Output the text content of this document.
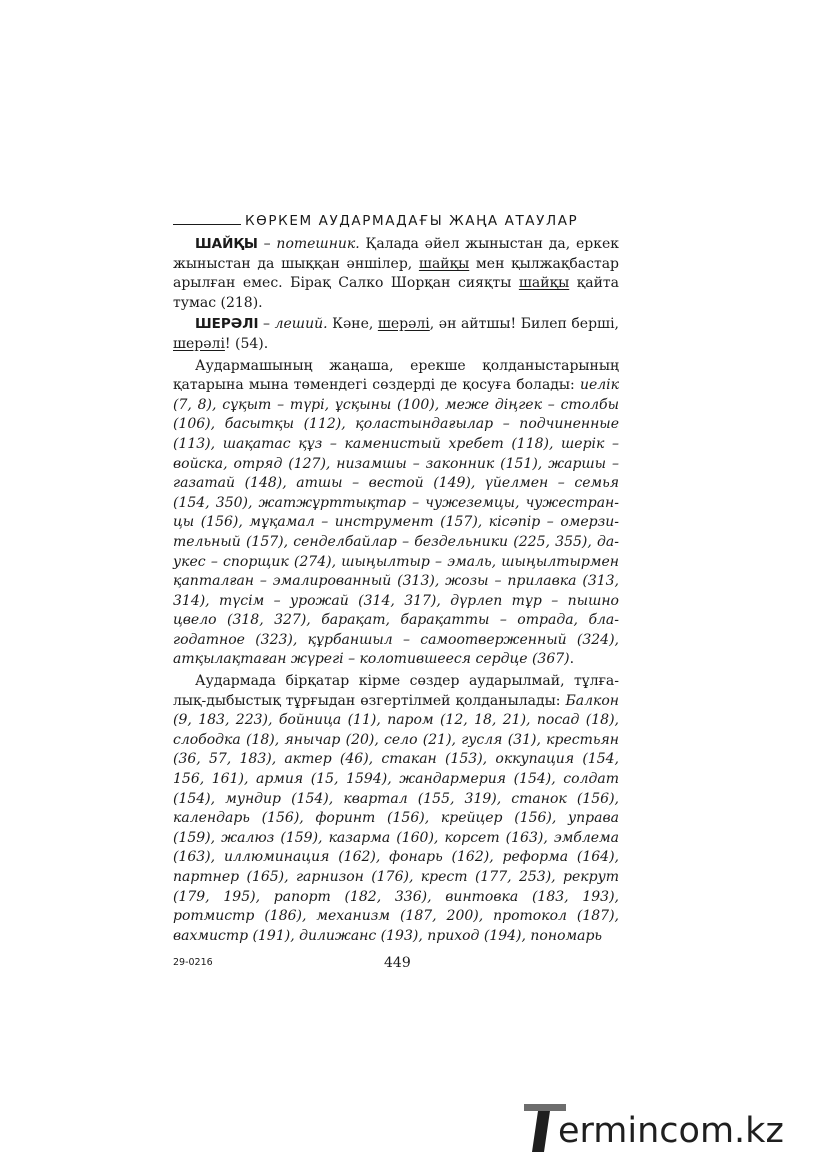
КӨРКЕМ АУДАРМАДАҒЫ ЖАҢА АТАУЛАР

ШАЙҚЫ – потешник. Қалада әйел жыныстан да, еркек жыныстан да шыққан әншілер, шайқы мен қылжақбастар арылған емес. Бірақ Салко Шорқан сияқты шайқы қайта тумас (218).

ШЕРӘЛІ – леший. Кәне, шерәлі, ән айтшы! Билеп берші, шерәлі! (54).

Аудармашының жаңаша, ерекше қолданыстарының қатарына мына төмендегі сөздерді де қосуға болады: иелік (7, 8), сұқыт – түрі, ұсқыны (100), меже діңгек – столбы (106), басытқы (112), қоластындағылар – подчиненные (113), шақатас құз – каменистый хребет (118), шерік – войска, отряд (127), низамшы – законник (151), жаршы – газатай (148), атшы – вестой (149), үйелмен – семья (154, 350), жатжұрттықтар – чужеземцы, чужестранцы (156), мұқамал – инструмент (157), кісәпір – омерзительный (157), сенделбайлар – бездельники (225, 355), даукес – спорщик (274), шыңылтыр – эмаль, шыңылтырмен қапталған – эмалированный (313), жозы – прилавка (313, 314), түсім – урожай (314, 317), дүрлеп тұр – пышно цвело (318, 327), барақат, барақатты – отрада, благодатное (323), құрбаншыл – самоотверженный (324), атқылақтаған жүрегі – колотившееся сердце (367).

Аудармада бірқатар кірме сөздер аударылмай, тұлғалық-дыбыстық тұрғыдан өзгертілмей қолданылады: Балкон (9, 183, 223), бойница (11), паром (12, 18, 21), посад (18), слободка (18), янычар (20), село (21), гусля (31), крестьян (36, 57, 183), актер (46), стакан (153), оккупация (154, 156, 161), армия (15, 1594), жандармерия (154), солдат (154), мундир (154), квартал (155, 319), станок (156), календарь (156), форинт (156), крейцер (156), управа (159), жалюз (159), казарма (160), корсет (163), эмблема (163), иллюминация (162), фонарь (162), реформа (164), партнер (165), гарнизон (176), крест (177, 253), рекрут (179, 195), рапорт (182, 336), винтовка (183, 193), ротмистр (186), механизм (187, 200), протокол (187), вахмистр (191), дилижанс (193), приход (194), пономарь

29-0216	449
ermincom.kz
